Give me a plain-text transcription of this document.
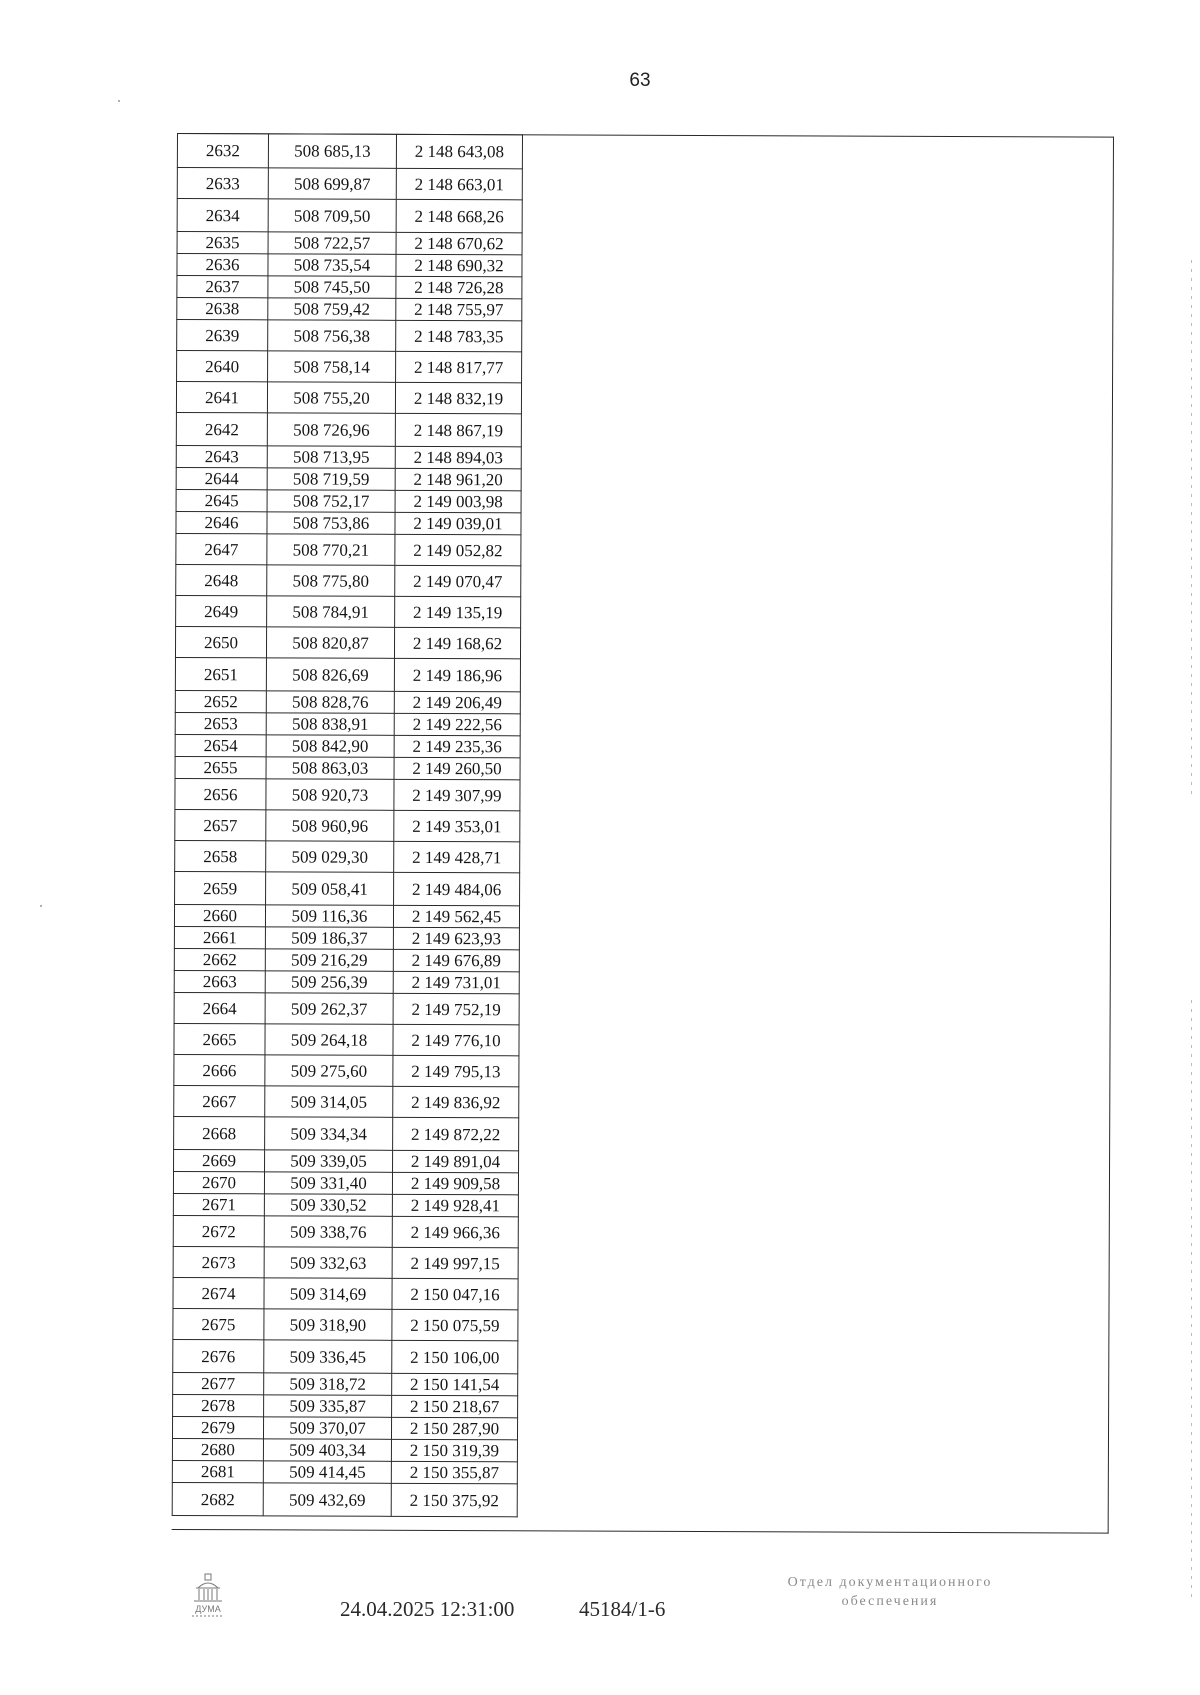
63
2632	508 685,13	2 148 643,08
2633	508 699,87	2 148 663,01
2634	508 709,50	2 148 668,26
2635	508 722,57	2 148 670,62
2636	508 735,54	2 148 690,32
2637	508 745,50	2 148 726,28
2638	508 759,42	2 148 755,97
2639	508 756,38	2 148 783,35
2640	508 758,14	2 148 817,77
2641	508 755,20	2 148 832,19
2642	508 726,96	2 148 867,19
2643	508 713,95	2 148 894,03
2644	508 719,59	2 148 961,20
2645	508 752,17	2 149 003,98
2646	508 753,86	2 149 039,01
2647	508 770,21	2 149 052,82
2648	508 775,80	2 149 070,47
2649	508 784,91	2 149 135,19
2650	508 820,87	2 149 168,62
2651	508 826,69	2 149 186,96
2652	508 828,76	2 149 206,49
2653	508 838,91	2 149 222,56
2654	508 842,90	2 149 235,36
2655	508 863,03	2 149 260,50
2656	508 920,73	2 149 307,99
2657	508 960,96	2 149 353,01
2658	509 029,30	2 149 428,71
2659	509 058,41	2 149 484,06
2660	509 116,36	2 149 562,45
2661	509 186,37	2 149 623,93
2662	509 216,29	2 149 676,89
2663	509 256,39	2 149 731,01
2664	509 262,37	2 149 752,19
2665	509 264,18	2 149 776,10
2666	509 275,60	2 149 795,13
2667	509 314,05	2 149 836,92
2668	509 334,34	2 149 872,22
2669	509 339,05	2 149 891,04
2670	509 331,40	2 149 909,58
2671	509 330,52	2 149 928,41
2672	509 338,76	2 149 966,36
2673	509 332,63	2 149 997,15
2674	509 314,69	2 150 047,16
2675	509 318,90	2 150 075,59
2676	509 336,45	2 150 106,00
2677	509 318,72	2 150 141,54
2678	509 335,87	2 150 218,67
2679	509 370,07	2 150 287,90
2680	509 403,34	2 150 319,39
2681	509 414,45	2 150 355,87
2682	509 432,69	2 150 375,92
ДУМА	24.04.2025 12:31:00	45184/1-6
Отдел документационного
обеспечения
